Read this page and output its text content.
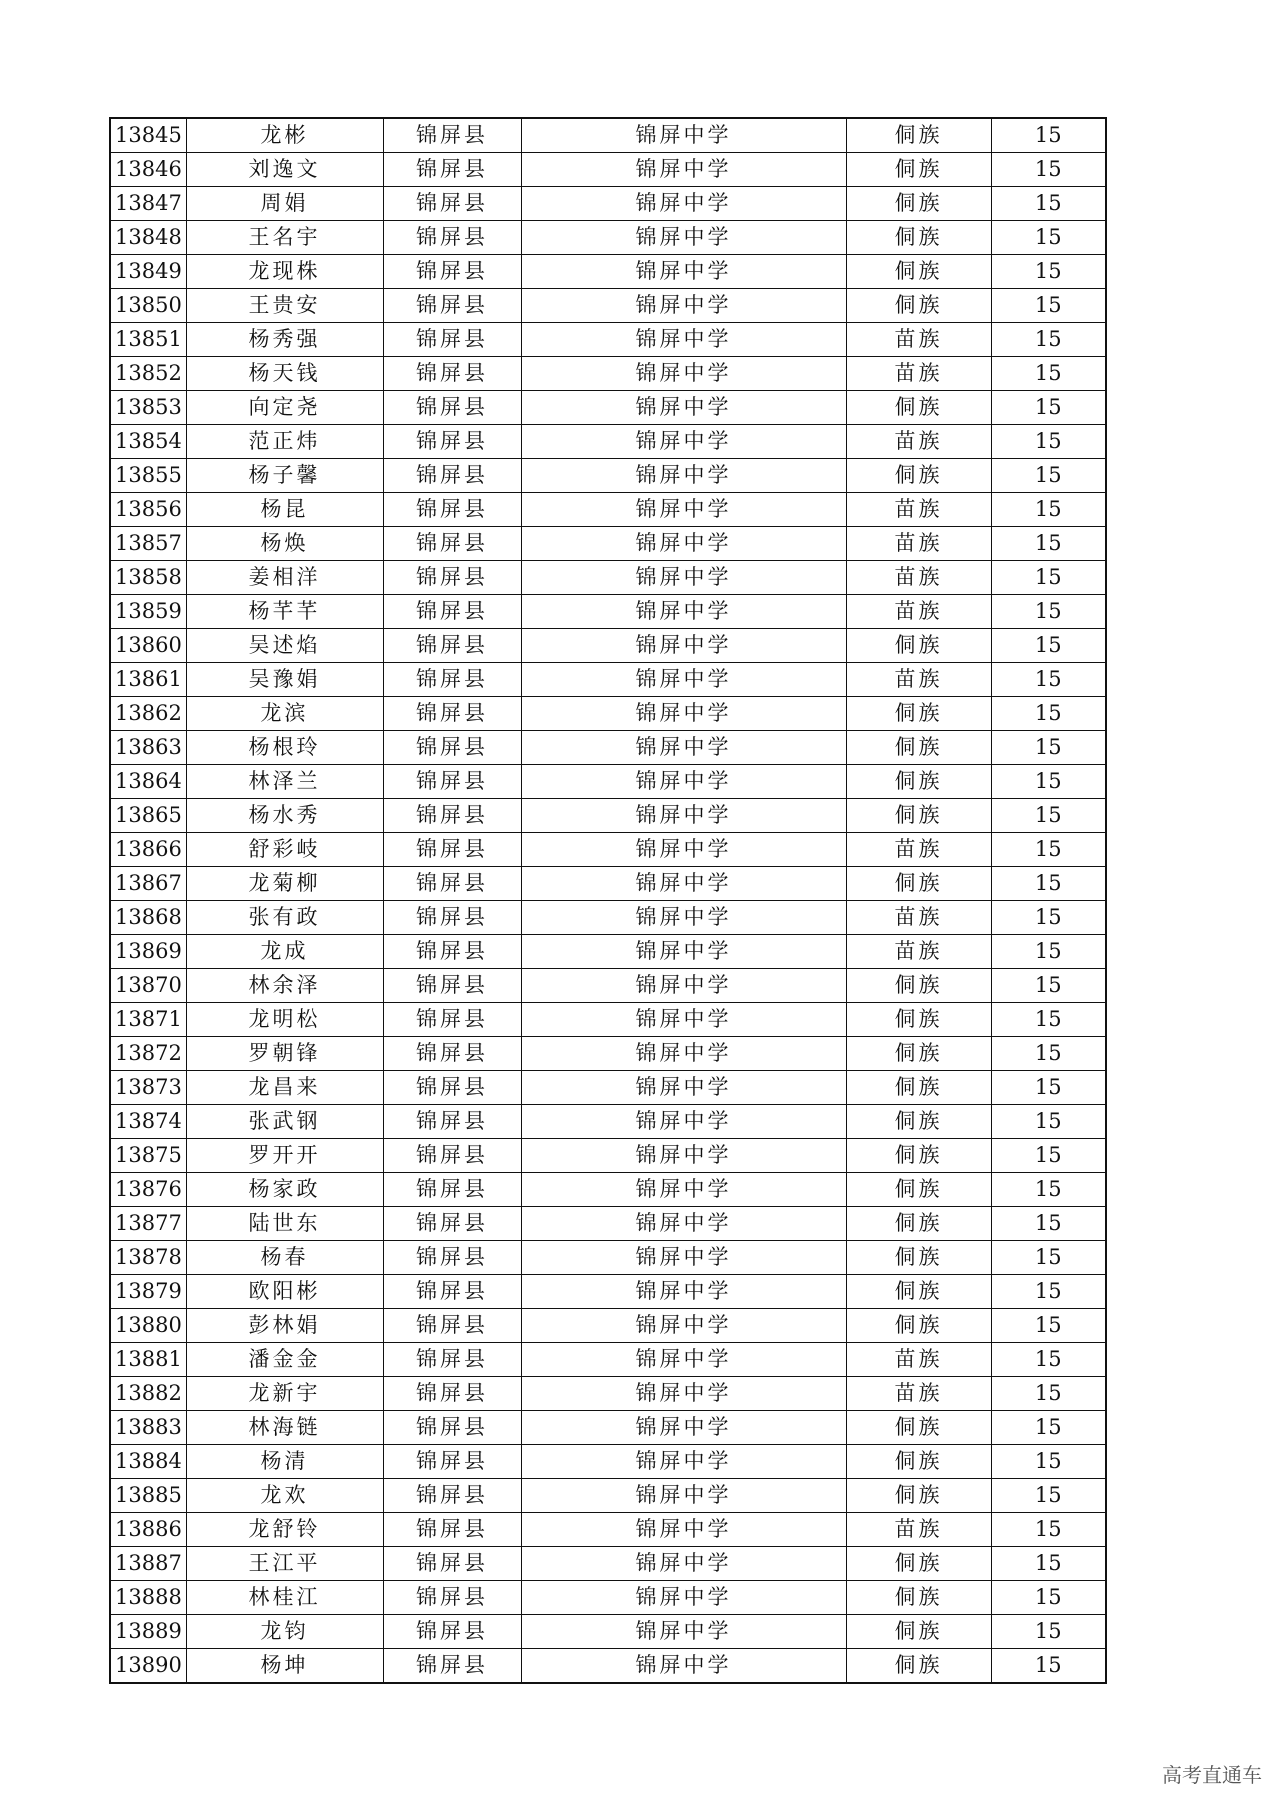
13845	龙彬	锦屏县	锦屏中学	侗族	15
13846	刘逸文	锦屏县	锦屏中学	侗族	15
13847	周娟	锦屏县	锦屏中学	侗族	15
13848	王名宇	锦屏县	锦屏中学	侗族	15
13849	龙现株	锦屏县	锦屏中学	侗族	15
13850	王贵安	锦屏县	锦屏中学	侗族	15
13851	杨秀强	锦屏县	锦屏中学	苗族	15
13852	杨天钱	锦屏县	锦屏中学	苗族	15
13853	向定尧	锦屏县	锦屏中学	侗族	15
13854	范正炜	锦屏县	锦屏中学	苗族	15
13855	杨子馨	锦屏县	锦屏中学	侗族	15
13856	杨昆	锦屏县	锦屏中学	苗族	15
13857	杨焕	锦屏县	锦屏中学	苗族	15
13858	姜相洋	锦屏县	锦屏中学	苗族	15
13859	杨芊芊	锦屏县	锦屏中学	苗族	15
13860	吴述焰	锦屏县	锦屏中学	侗族	15
13861	吴豫娟	锦屏县	锦屏中学	苗族	15
13862	龙滨	锦屏县	锦屏中学	侗族	15
13863	杨根玲	锦屏县	锦屏中学	侗族	15
13864	林泽兰	锦屏县	锦屏中学	侗族	15
13865	杨水秀	锦屏县	锦屏中学	侗族	15
13866	舒彩岐	锦屏县	锦屏中学	苗族	15
13867	龙菊柳	锦屏县	锦屏中学	侗族	15
13868	张有政	锦屏县	锦屏中学	苗族	15
13869	龙成	锦屏县	锦屏中学	苗族	15
13870	林余泽	锦屏县	锦屏中学	侗族	15
13871	龙明松	锦屏县	锦屏中学	侗族	15
13872	罗朝锋	锦屏县	锦屏中学	侗族	15
13873	龙昌来	锦屏县	锦屏中学	侗族	15
13874	张武钢	锦屏县	锦屏中学	侗族	15
13875	罗开开	锦屏县	锦屏中学	侗族	15
13876	杨家政	锦屏县	锦屏中学	侗族	15
13877	陆世东	锦屏县	锦屏中学	侗族	15
13878	杨春	锦屏县	锦屏中学	侗族	15
13879	欧阳彬	锦屏县	锦屏中学	侗族	15
13880	彭林娟	锦屏县	锦屏中学	侗族	15
13881	潘金金	锦屏县	锦屏中学	苗族	15
13882	龙新宇	锦屏县	锦屏中学	苗族	15
13883	林海链	锦屏县	锦屏中学	侗族	15
13884	杨清	锦屏县	锦屏中学	侗族	15
13885	龙欢	锦屏县	锦屏中学	侗族	15
13886	龙舒铃	锦屏县	锦屏中学	苗族	15
13887	王江平	锦屏县	锦屏中学	侗族	15
13888	林桂江	锦屏县	锦屏中学	侗族	15
13889	龙钧	锦屏县	锦屏中学	侗族	15
13890	杨坤	锦屏县	锦屏中学	侗族	15
高考直通车
